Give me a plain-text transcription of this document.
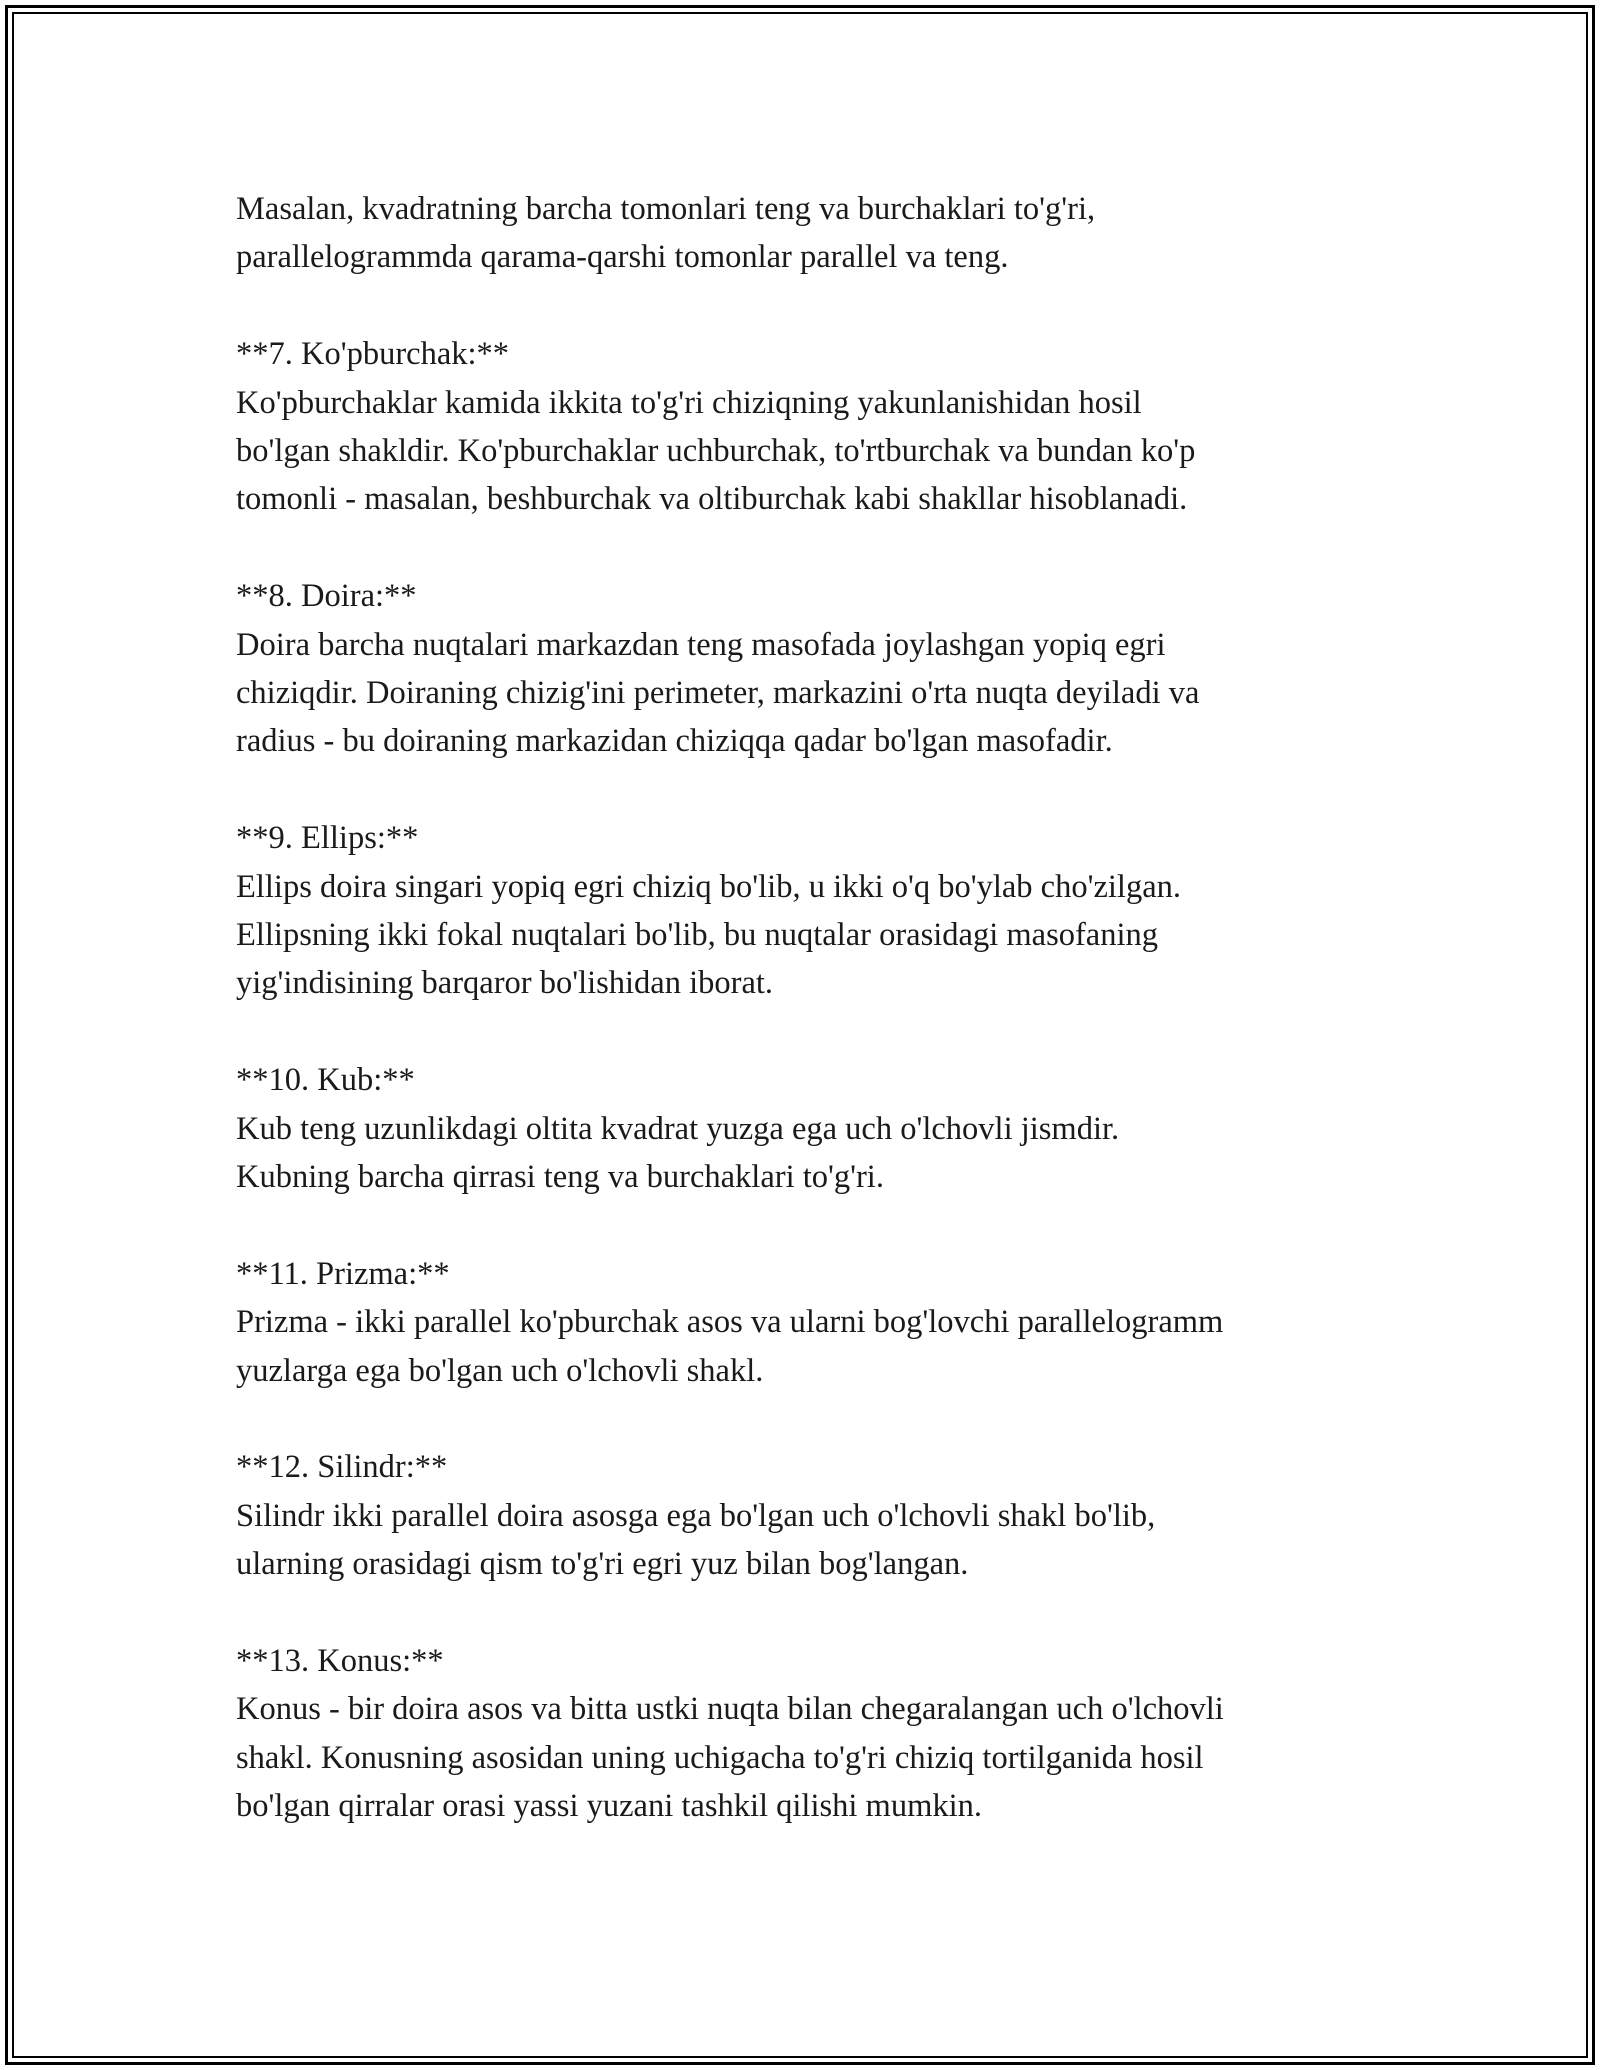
Masalan, kvadratning barcha tomonlari teng va burchaklari to'g'ri,
parallelogrammda qarama-qarshi tomonlar parallel va teng.

**7. Ko'pburchak:**
Ko'pburchaklar kamida ikkita to'g'ri chiziqning yakunlanishidan hosil
bo'lgan shakldir. Ko'pburchaklar uchburchak, to'rtburchak va bundan ko'p
tomonli - masalan, beshburchak va oltiburchak kabi shakllar hisoblanadi.

**8. Doira:**
Doira barcha nuqtalari markazdan teng masofada joylashgan yopiq egri
chiziqdir. Doiraning chizig'ini perimeter, markazini o'rta nuqta deyiladi va
radius - bu doiraning markazidan chiziqqa qadar bo'lgan masofadir.

**9. Ellips:**
Ellips doira singari yopiq egri chiziq bo'lib, u ikki o'q bo'ylab cho'zilgan.
Ellipsning ikki fokal nuqtalari bo'lib, bu nuqtalar orasidagi masofaning
yig'indisining barqaror bo'lishidan iborat.

**10. Kub:**
Kub teng uzunlikdagi oltita kvadrat yuzga ega uch o'lchovli jismdir.
Kubning barcha qirrasi teng va burchaklari to'g'ri.

**11. Prizma:**
Prizma - ikki parallel ko'pburchak asos va ularni bog'lovchi parallelogramm
yuzlarga ega bo'lgan uch o'lchovli shakl.

**12. Silindr:**
Silindr ikki parallel doira asosga ega bo'lgan uch o'lchovli shakl bo'lib,
ularning orasidagi qism to'g'ri egri yuz bilan bog'langan.

**13. Konus:**
Konus - bir doira asos va bitta ustki nuqta bilan chegaralangan uch o'lchovli
shakl. Konusning asosidan uning uchigacha to'g'ri chiziq tortilganida hosil
bo'lgan qirralar orasi yassi yuzani tashkil qilishi mumkin.
